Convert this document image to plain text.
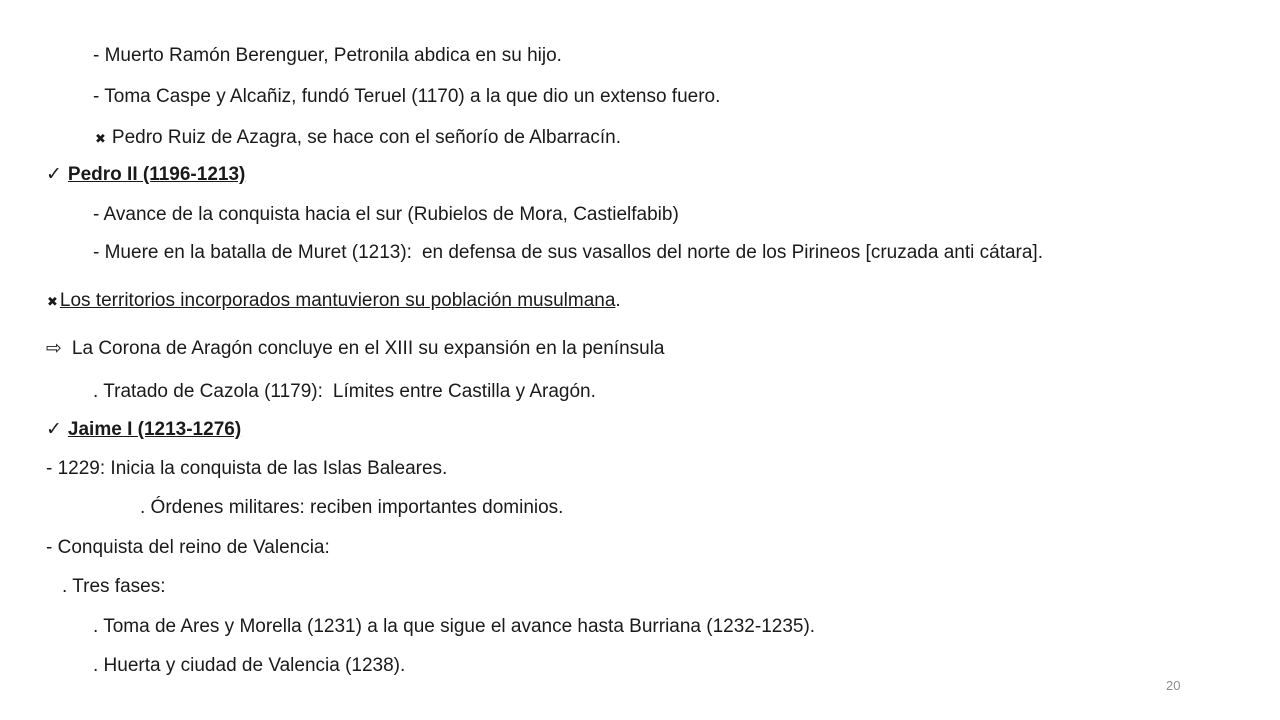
- Muerto Ramón Berenguer, Petronila abdica en su hijo.
- Toma Caspe y Alcañiz, fundó Teruel (1170) a la que dio un extenso fuero.
✖ Pedro Ruiz de Azagra, se hace con el señorío de Albarracín.
✓ Pedro II (1196-1213)
- Avance de la conquista hacia el sur (Rubielos de Mora, Castielfabib)
- Muere en la batalla de Muret (1213): en defensa de sus vasallos del norte de los Pirineos [cruzada anti cátara].
✖ Los territorios incorporados mantuvieron su población musulmana.
⇨ La Corona de Aragón concluye en el XIII su expansión en la península
. Tratado de Cazola (1179): Límites entre Castilla y Aragón.
✓ Jaime I (1213-1276)
- 1229: Inicia la conquista de las Islas Baleares.
. Órdenes militares: reciben importantes dominios.
- Conquista del reino de Valencia:
. Tres fases:
. Toma de Ares y Morella (1231) a la que sigue el avance hasta Burriana (1232-1235).
. Huerta y ciudad de Valencia (1238).
20
